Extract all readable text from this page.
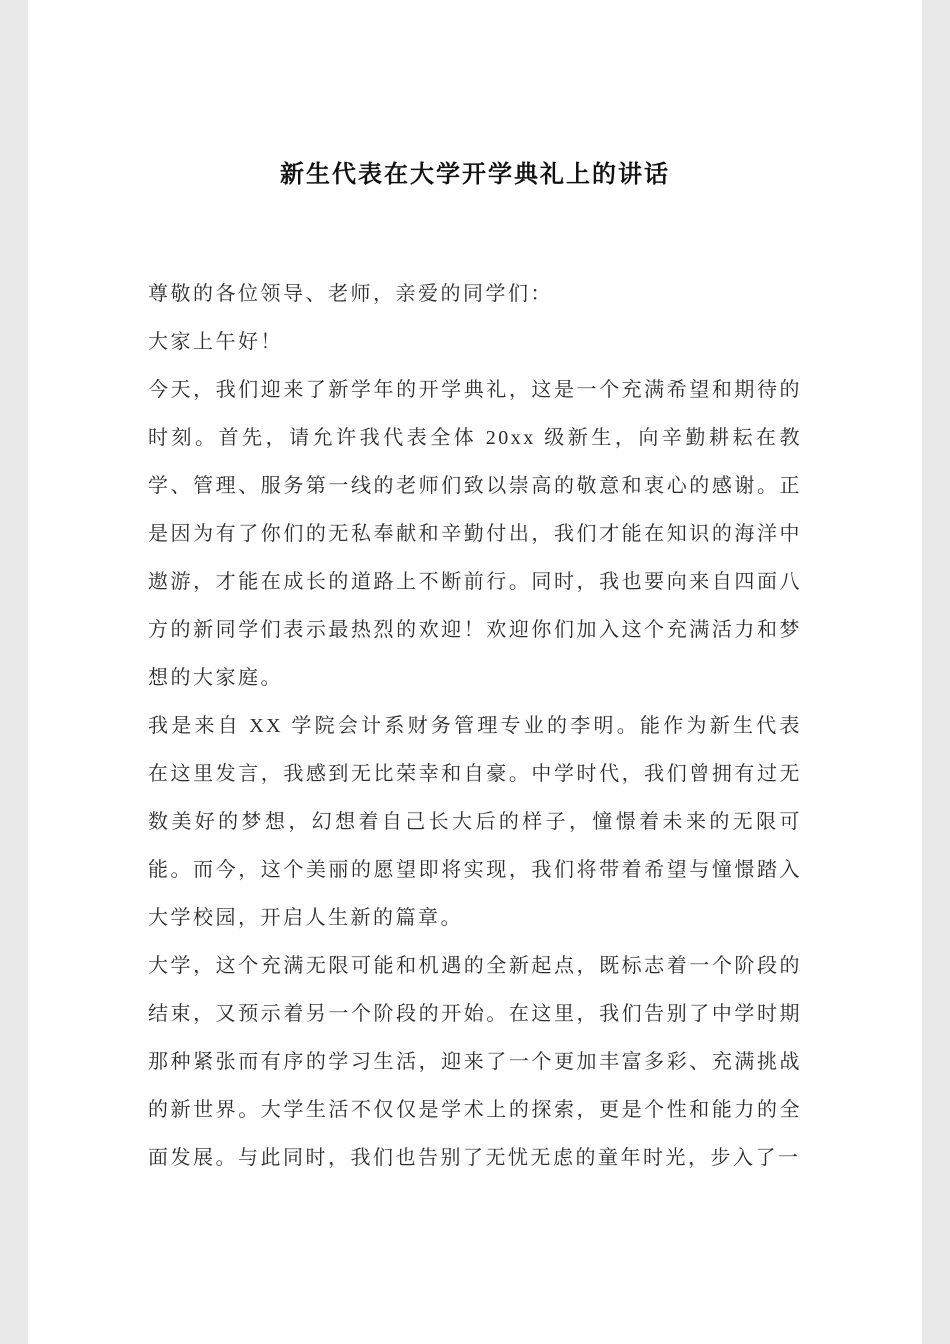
新生代表在大学开学典礼上的讲话

尊敬的各位领导、老师，亲爱的同学们：

大家上午好！

今天，我们迎来了新学年的开学典礼，这是一个充满希望和期待的时刻。首先，请允许我代表全体 20xx 级新生，向辛勤耕耘在教学、管理、服务第一线的老师们致以崇高的敬意和衷心的感谢。正是因为有了你们的无私奉献和辛勤付出，我们才能在知识的海洋中遨游，才能在成长的道路上不断前行。同时，我也要向来自四面八方的新同学们表示最热烈的欢迎！欢迎你们加入这个充满活力和梦想的大家庭。

我是来自 XX 学院会计系财务管理专业的李明。能作为新生代表在这里发言，我感到无比荣幸和自豪。中学时代，我们曾拥有过无数美好的梦想，幻想着自己长大后的样子，憧憬着未来的无限可能。而今，这个美丽的愿望即将实现，我们将带着希望与憧憬踏入大学校园，开启人生新的篇章。

大学，这个充满无限可能和机遇的全新起点，既标志着一个阶段的结束，又预示着另一个阶段的开始。在这里，我们告别了中学时期那种紧张而有序的学习生活，迎来了一个更加丰富多彩、充满挑战的新世界。大学生活不仅仅是学术上的探索，更是个性和能力的全面发展。与此同时，我们也告别了无忧无虑的童年时光，步入了一
